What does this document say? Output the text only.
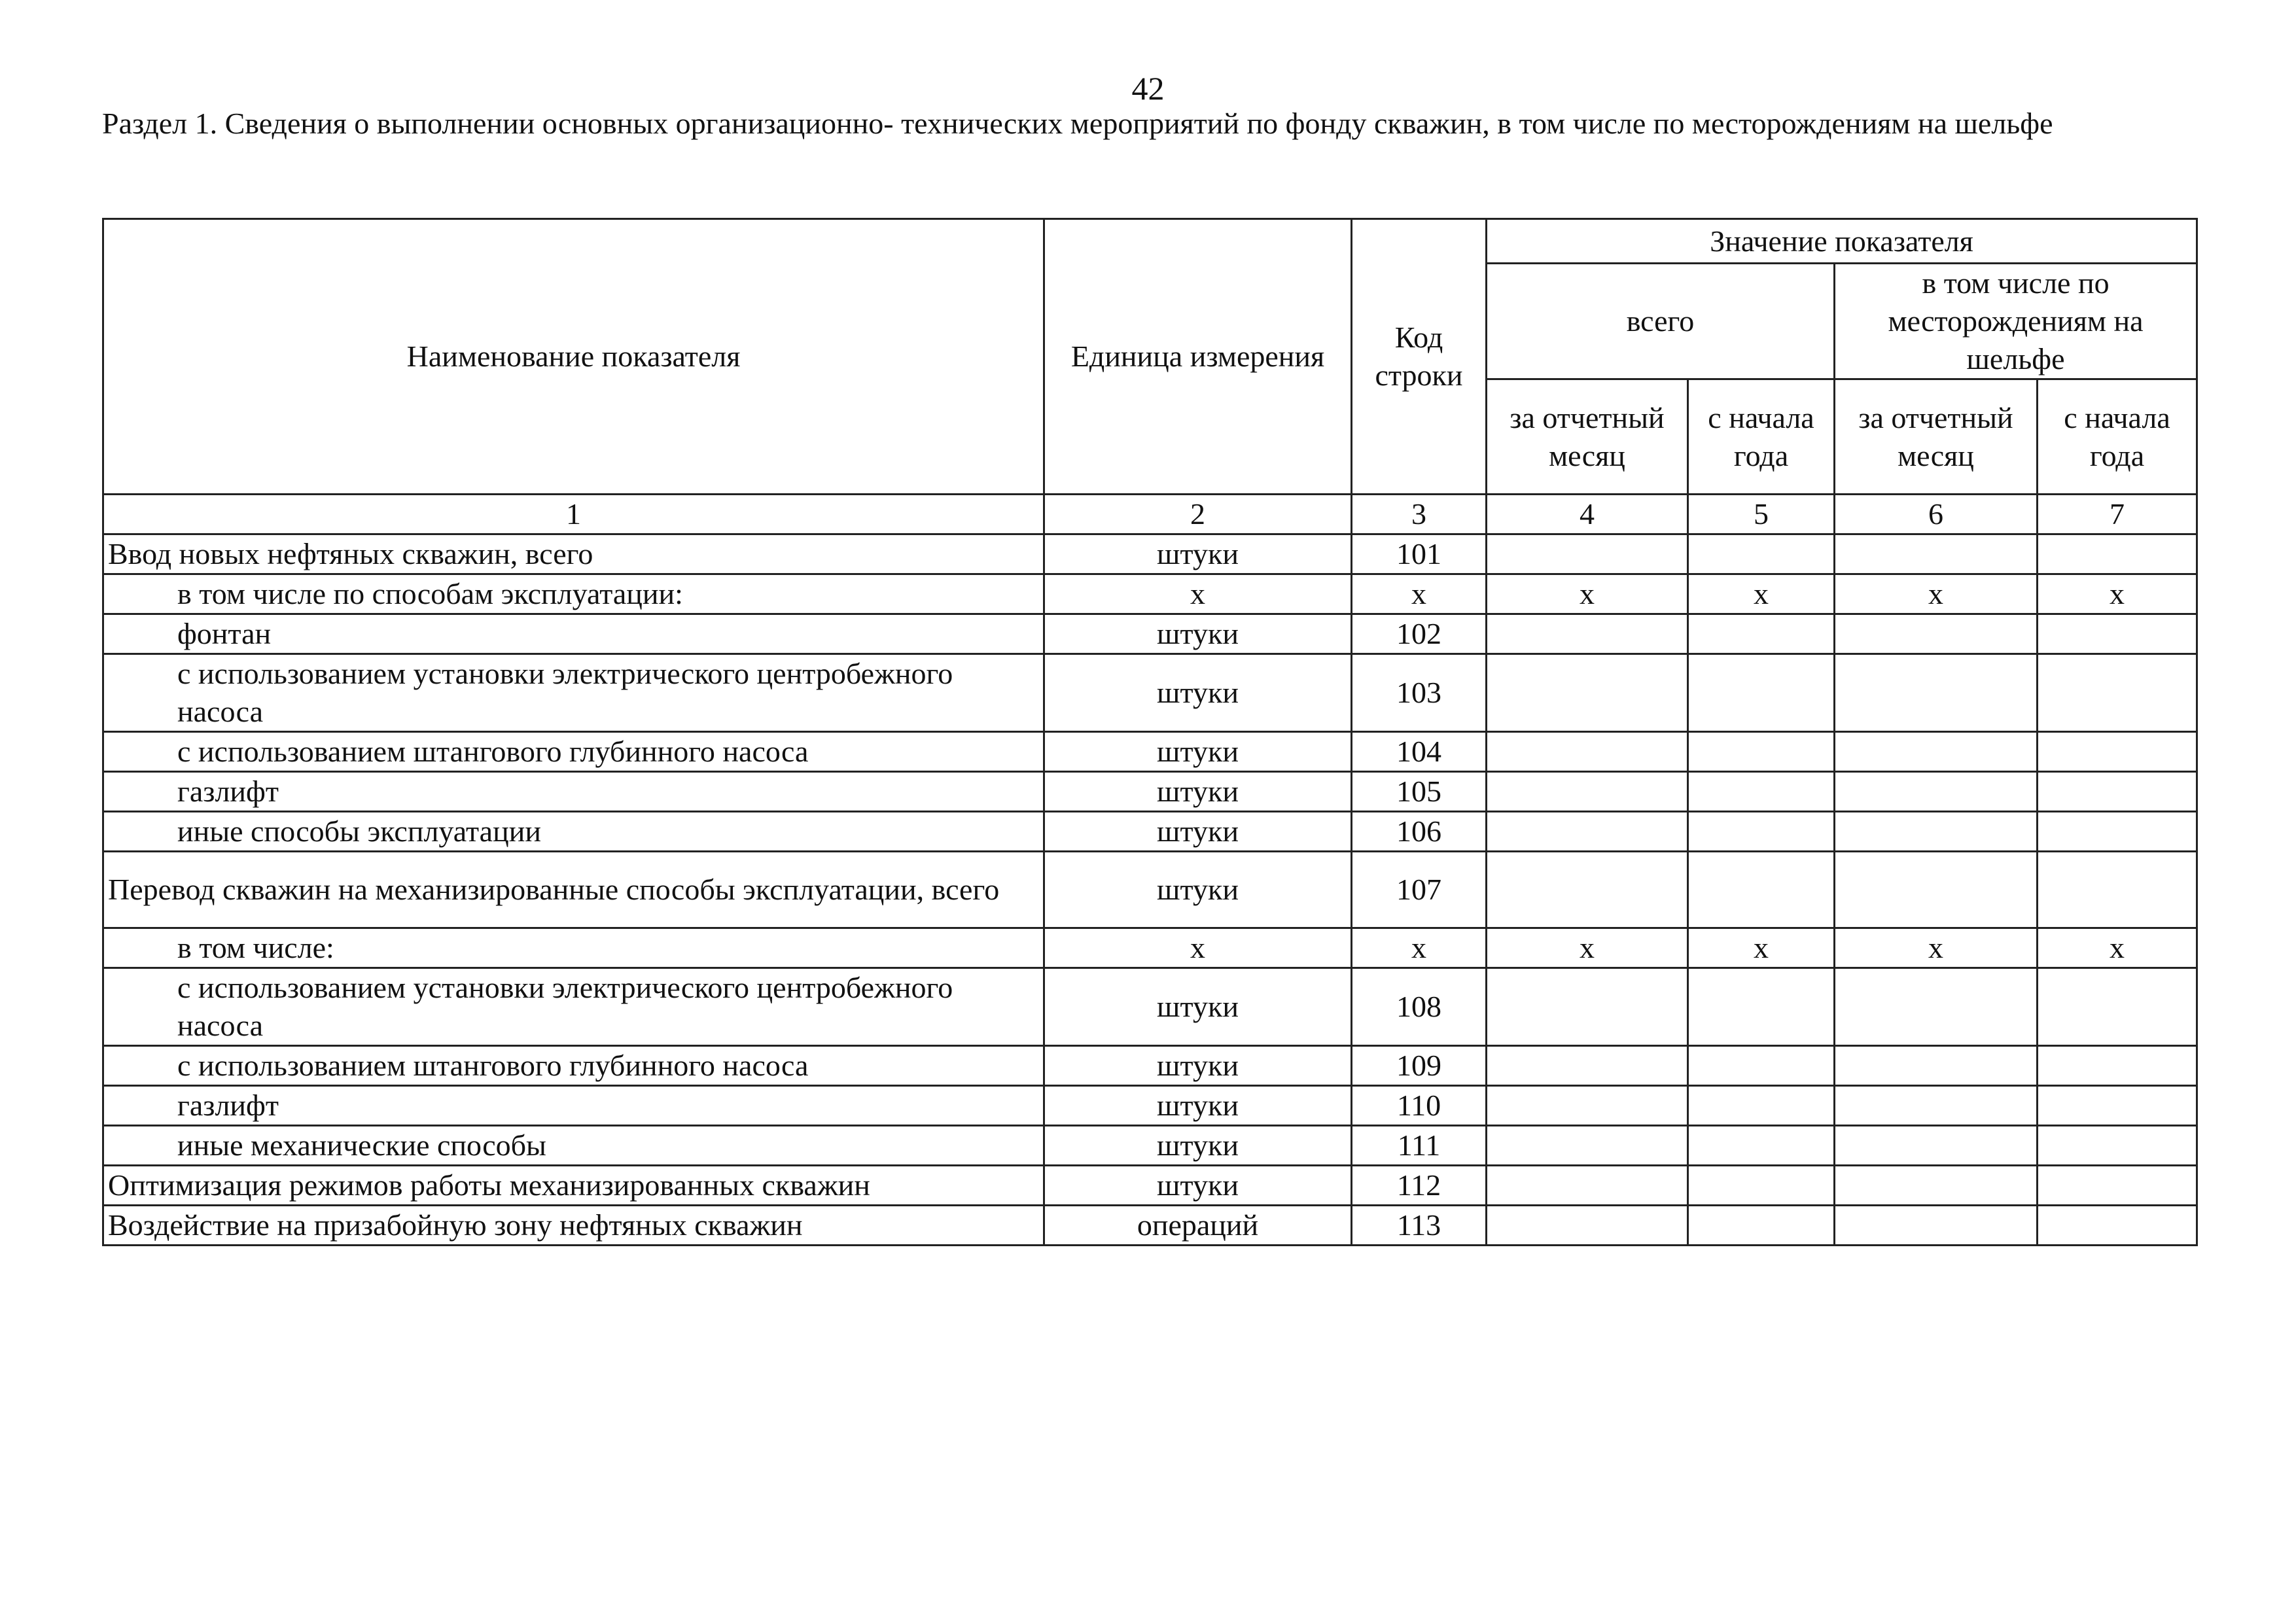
42
Раздел 1. Сведения о выполнении основных организационно- технических мероприятий по фонду скважин, в том числе по месторождениям на шельфе
Наименование показателя	Единица измерения	Код строки	Значение показателя			
			всего		в том числе по месторождениям на шельфе	
			за отчетный месяц	с начала года	за отчетный месяц	с начала года
1	2	3	4	5	6	7
Ввод новых нефтяных скважин, всего	штуки	101				
в том числе по способам эксплуатации:	х	х	х	х	х	х
фонтан	штуки	102				
с использованием установки электрического центробежного насоса	штуки	103				
с использованием штангового глубинного насоса	штуки	104				
газлифт	штуки	105				
иные способы эксплуатации	штуки	106				
Перевод скважин на механизированные способы эксплуатации, всего	штуки	107				
в том числе:	х	х	х	х	х	х
с использованием установки электрического центробежного насоса	штуки	108				
с использованием штангового глубинного насоса	штуки	109				
газлифт	штуки	110				
иные механические способы	штуки	111				
Оптимизация режимов работы механизированных скважин	штуки	112				
Воздействие на призабойную зону нефтяных скважин	операций	113				
